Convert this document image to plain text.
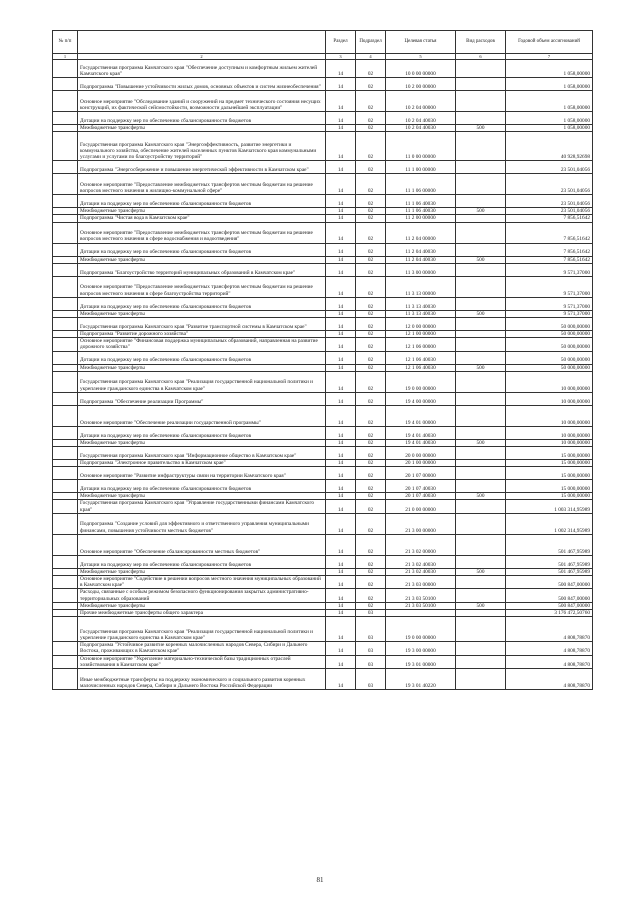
№ п/п		Раздел	Подраздел	Целевая статья	Вид расходов	Годовой объем ассигнований
1	2	3	4	5	6	7
	Государственная программа Камчатского края "Обеспечение доступным и комфортным жильем жителей Камчатского края"	14	02	10 0 00 00000		1 058,00000
	Подпрограмма "Повышение устойчивости жилых домов, основных объектов и систем жизнеобеспечения"	14	02	10 2 00 00000		1 058,00000
	Основное мероприятие "Обследование зданий и сооружений на предмет технического состояния несущих конструкций, их фактической сейсмостойкости, возможности дальнейшей эксплуатации"	14	02	10 2 04 00000		1 058,00000
	Дотации на поддержку мер по обеспечению сбалансированности бюджетов	14	02	10 2 04 40030		1 058,00000
	Межбюджетные трансферты	14	02	10 2 04 40030	500	1 058,00000
	Государственная программа Камчатского края "Энергоэффективность, развитие энергетики и коммунального хозяйства, обеспечение жителей населенных пунктов Камчатского края коммунальными услугами и услугами по благоустройству территорий"	14	02	11 0 00 00000		40 928,92698
	Подпрограмма "Энергосбережение и повышение энергетической эффективности в Камчатском крае"	14	02	11 1 00 00000		23 501,04056
	Основное мероприятие "Предоставление межбюджетных трансфертов местным бюджетам на решение вопросов местного значения в жилищно-коммунальной сфере"	14	02	11 1 06 00000		23 501,04056
	Дотации на поддержку мер по обеспечению сбалансированности бюджетов	14	02	11 1 06 40030		23 501,04056
	Межбюджетные трансферты	14	02	11 1 06 40030	500	23 501,04056
	Подпрограмма "Чистая вода в Камчатском крае"	14	02	11 2 00 00000		7 856,51642
	Основное мероприятие "Предоставление межбюджетных трансфертов местным бюджетам на решение вопросов местного значения в сфере водоснабжения и водоотведения"	14	02	11 2 04 00000		7 856,51642
	Дотации на поддержку мер по обеспечению сбалансированности бюджетов	14	02	11 2 04 40030		7 856,51642
	Межбюджетные трансферты	14	02	11 2 04 40030	500	7 856,51642
	Подпрограмма "Благоустройство территорий муниципальных образований в Камчатском крае"	14	02	11 3 00 00000		9 571,37000
	Основное мероприятие "Предоставление межбюджетных трансфертов местным бюджетам на решение вопросов местного значения в сфере благоустройства территорий"	14	02	11 3 13 00000		9 571,37000
	Дотации на поддержку мер по обеспечению сбалансированности бюджетов	14	02	11 3 13 40030		9 571,37000
	Межбюджетные трансферты	14	02	11 3 13 40030	500	9 571,37000
	Государственная программа Камчатского края "Развитие транспортной системы в Камчатском крае"	14	02	12 0 00 00000		50 000,00000
	Подпрограмма "Развитие дорожного хозяйства"	14	02	12 1 00 00000		50 000,00000
	Основное мероприятие "Финансовая поддержка муниципальных образований, направленная на развитие дорожного хозяйства"	14	02	12 1 06 00000		50 000,00000
	Дотации на поддержку мер по обеспечению сбалансированности бюджетов	14	02	12 1 06 40030		50 000,00000
	Межбюджетные трансферты	14	02	12 1 06 40030	500	50 000,00000
	Государственная программа Камчатского края "Реализация государственной национальной политики и укрепление гражданского единства в Камчатском крае"	14	02	19 0 00 00000		10 000,00000
	Подпрограмма "Обеспечение реализации Программы"	14	02	19 4 00 00000		10 000,00000
	Основное мероприятие "Обеспечение реализации государственной программы"	14	02	19 4 01 00000		10 000,00000
	Дотации на поддержку мер по обеспечению сбалансированности бюджетов	14	02	19 4 01 40030		10 000,00000
	Межбюджетные трансферты	14	02	19 4 01 40030	500	10 000,00000
	Государственная программа Камчатского края "Информационное общество в Камчатском крае"	14	02	20 0 00 00000		15 000,00000
	Подпрограмма "Электронное правительство в Камчатском крае"	14	02	20 1 00 00000		15 000,00000
	Основное мероприятие "Развитие инфраструктуры связи на территории Камчатского края"	14	02	20 1 07 00000		15 000,00000
	Дотации на поддержку мер по обеспечению сбалансированности бюджетов	14	02	20 1 07 40030		15 000,00000
	Межбюджетные трансферты	14	02	20 1 07 40030	500	15 000,00000
	Государственная программа Камчатского края "Управление государственными финансами Камчатского края"	14	02	21 0 00 00000		1 003 314,95989
	Подпрограмма "Создание условий для эффективного и ответственного управления муниципальными финансами, повышения устойчивости местных бюджетов"	14	02	21 3 00 00000		1 002 314,95989
	Основное мероприятие "Обеспечение сбалансированности местных бюджетов"	14	02	21 3 02 00000		501 467,95989
	Дотации на поддержку мер по обеспечению сбалансированности бюджетов	14	02	21 3 02 40030		501 467,95989
	Межбюджетные трансферты	14	02	21 3 02 40030	500	501 467,95989
	Основное мероприятие "Содействие в решении вопросов местного значения муниципальных образований в Камчатском крае"	14	02	21 3 03 00000		500 847,00000
	Расходы, связанные с особым режимом безопасного функционирования закрытых административно-территориальных образований	14	02	21 3 03 50100		500 847,00000
	Межбюджетные трансферты	14	02	21 3 03 50100	500	500 847,00000
	Прочие межбюджетные трансферты общего характера	14	03			3 176 472,50760
	Государственная программа Камчатского края "Реализация государственной национальной политики и укрепление гражданского единства в Камчатском крае"	14	03	19 0 00 00000		4 808,78870
	Подпрограмма "Устойчивое развитие коренных малочисленных народов Севера, Сибири и Дальнего Востока, проживающих в Камчатском крае"	14	03	19 3 00 00000		4 808,78870
	Основное мероприятие "Укрепление материально-технической базы традиционных отраслей хозяйствования в Камчатском крае"	14	03	19 3 01 00000		4 808,78870
	Иные межбюджетные трансферты на поддержку экономического и социального развития коренных малочисленных народов Севера, Сибири и Дальнего Востока Российской Федерации	14	03	19 3 01 40220		4 808,78870
81
